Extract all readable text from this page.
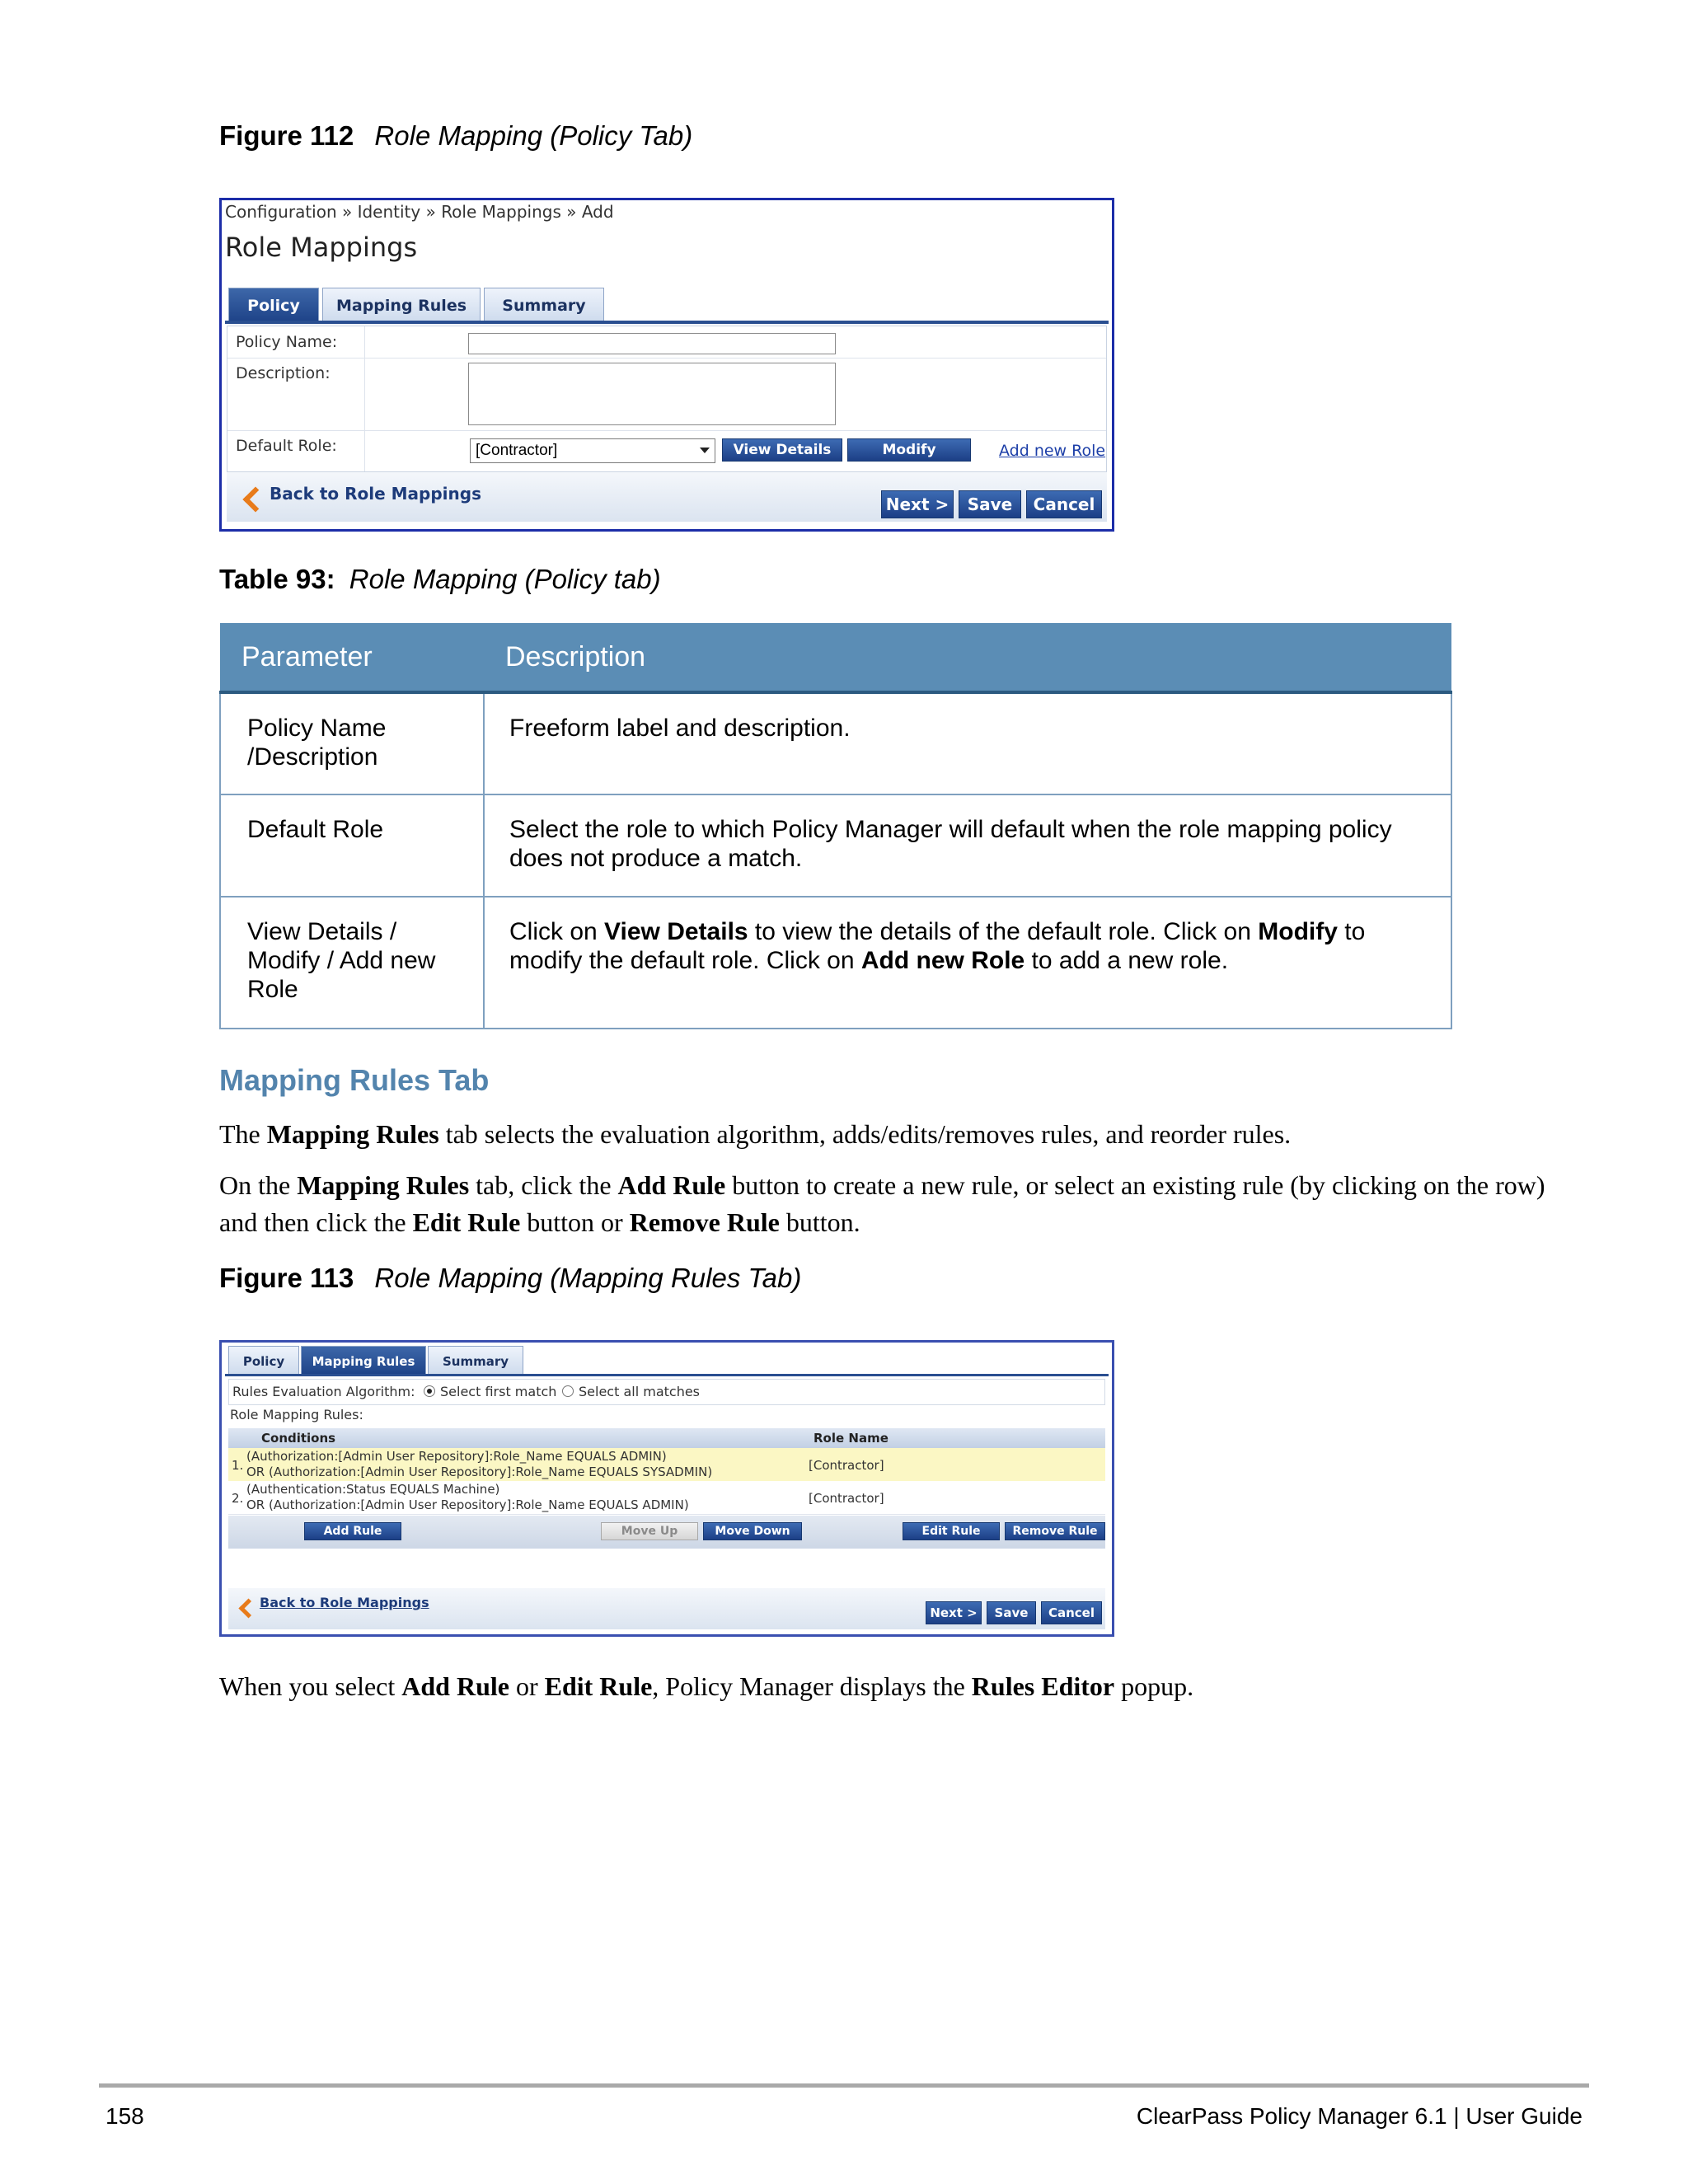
Figure 112 Role Mapping (Policy Tab)
Configuration » Identity » Role Mappings » Add
Role Mappings
Policy	Mapping Rules	Summary
Policy Name:
Description:
Default Role:	[Contractor]	View Details	Modify	Add new Role
Back to Role Mappings
Next >	Save	Cancel
Table 93: Role Mapping (Policy tab)
Parameter	Description

Policy Name
/Description	Freeform label and description.

Default Role	Select the role to which Policy Manager will default when the role mapping policy does not produce a match.

View Details /
Modify / Add new
Role	Click on View Details to view the details of the default role. Click on Modify to modify the default role. Click on Add new Role to add a new role.
Mapping Rules Tab
The Mapping Rules tab selects the evaluation algorithm, adds/edits/removes rules, and reorder rules.
On the Mapping Rules tab, click the Add Rule button to create a new rule, or select an existing rule (by clicking on the row) and then click the Edit Rule button or Remove Rule button.
Figure 113 Role Mapping (Mapping Rules Tab)
Policy	Mapping Rules	Summary
Rules Evaluation Algorithm: Select first match Select all matches
Role Mapping Rules:
Conditions	Role Name
1.
(Authorization:[Admin User Repository]:Role_Name EQUALS ADMIN)
OR (Authorization:[Admin User Repository]:Role_Name EQUALS SYSADMIN)	[Contractor]
2.
(Authentication:Status EQUALS Machine)
OR (Authorization:[Admin User Repository]:Role_Name EQUALS ADMIN)	[Contractor]
Add Rule	Move Up	Move Down	Edit Rule	Remove Rule
Back to Role Mappings
Next >	Save	Cancel
When you select Add Rule or Edit Rule, Policy Manager displays the Rules Editor popup.
158	ClearPass Policy Manager 6.1 | User Guide
